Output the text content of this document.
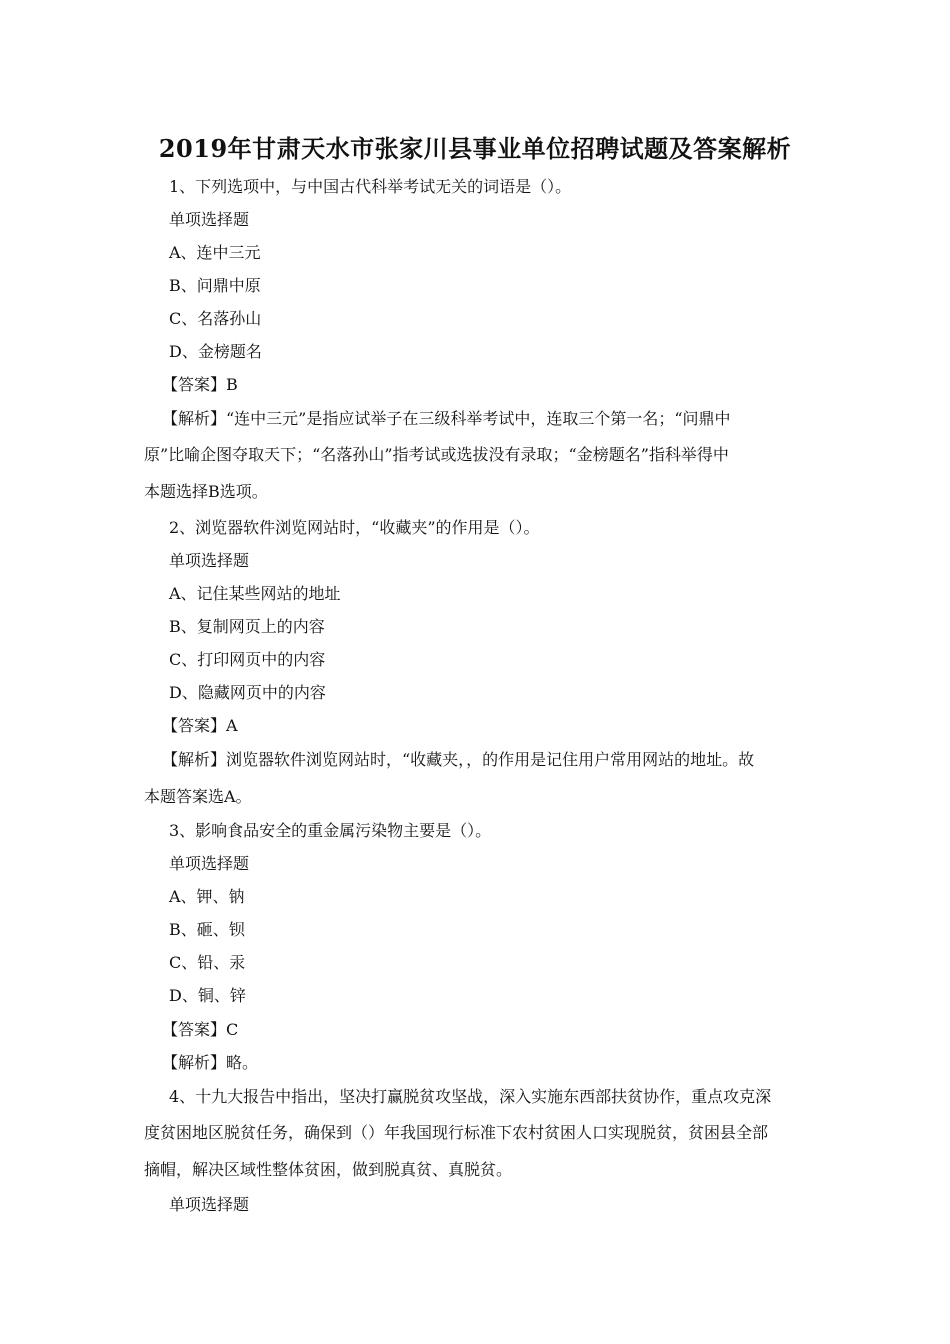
2019年甘肃天水市张家川县事业单位招聘试题及答案解析
1、下列选项中，与中国古代科举考试无关的词语是（）。
单项选择题
A、连中三元
B、问鼎中原
C、名落孙山
D、金榜题名
【答案】B
【解析】“连中三元”是指应试举子在三级科举考试中，连取三个第一名；“问鼎中
原”比喻企图夺取天下；“名落孙山”指考试或选拔没有录取；“金榜题名”指科举得中
本题选择B选项。
2、浏览器软件浏览网站时，“收藏夹”的作用是（）。
单项选择题
A、记住某些网站的地址
B、复制网页上的内容
C、打印网页中的内容
D、隐藏网页中的内容
【答案】A
【解析】浏览器软件浏览网站时，“收藏夹，，的作用是记住用户常用网站的地址。故
本题答案选A。
3、影响食品安全的重金属污染物主要是（）。
单项选择题
A、钾、钠
B、砸、钡
C、铅、汞
D、铜、锌
【答案】C
【解析】略。
4、十九大报告中指出，坚决打赢脱贫攻坚战，深入实施东西部扶贫协作，重点攻克深
度贫困地区脱贫任务，确保到（）年我国现行标准下农村贫困人口实现脱贫，贫困县全部
摘帽，解决区域性整体贫困，做到脱真贫、真脱贫。
单项选择题
